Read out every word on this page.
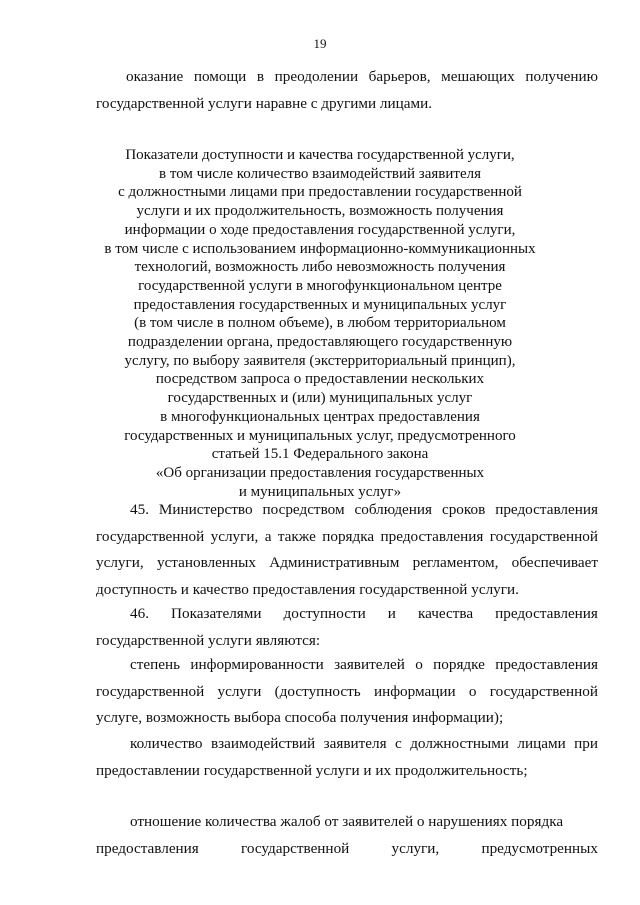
19
оказание помощи в преодолении барьеров, мешающих получению государственной услуги наравне с другими лицами.
Показатели доступности и качества государственной услуги,
в том числе количество взаимодействий заявителя
с должностными лицами при предоставлении государственной
услуги и их продолжительность, возможность получения
информации о ходе предоставления государственной услуги,
в том числе с использованием информационно-коммуникационных
технологий, возможность либо невозможность получения
государственной услуги в многофункциональном центре
предоставления государственных и муниципальных услуг
(в том числе в полном объеме), в любом территориальном
подразделении органа, предоставляющего государственную
услугу, по выбору заявителя (экстерриториальный принцип),
посредством запроса о предоставлении нескольких
государственных и (или) муниципальных услуг
в многофункциональных центрах предоставления
государственных и муниципальных услуг, предусмотренного
статьей 15.1 Федерального закона
«Об организации предоставления государственных
и муниципальных услуг»
45. Министерство посредством соблюдения сроков предоставления государственной услуги, а также порядка предоставления государственной услуги, установленных Административным регламентом, обеспечивает доступность и качество предоставления государственной услуги.
46. Показателями доступности и качества предоставления
государственной услуги являются:
степень информированности заявителей о порядке предоставления государственной услуги (доступность информации о государственной услуге, возможность выбора способа получения информации);
количество взаимодействий заявителя с должностными лицами при предоставлении государственной услуги и их продолжительность;
отношение количества жалоб от заявителей о нарушениях порядка
предоставления	государственной	услуги,	предусмотренных
